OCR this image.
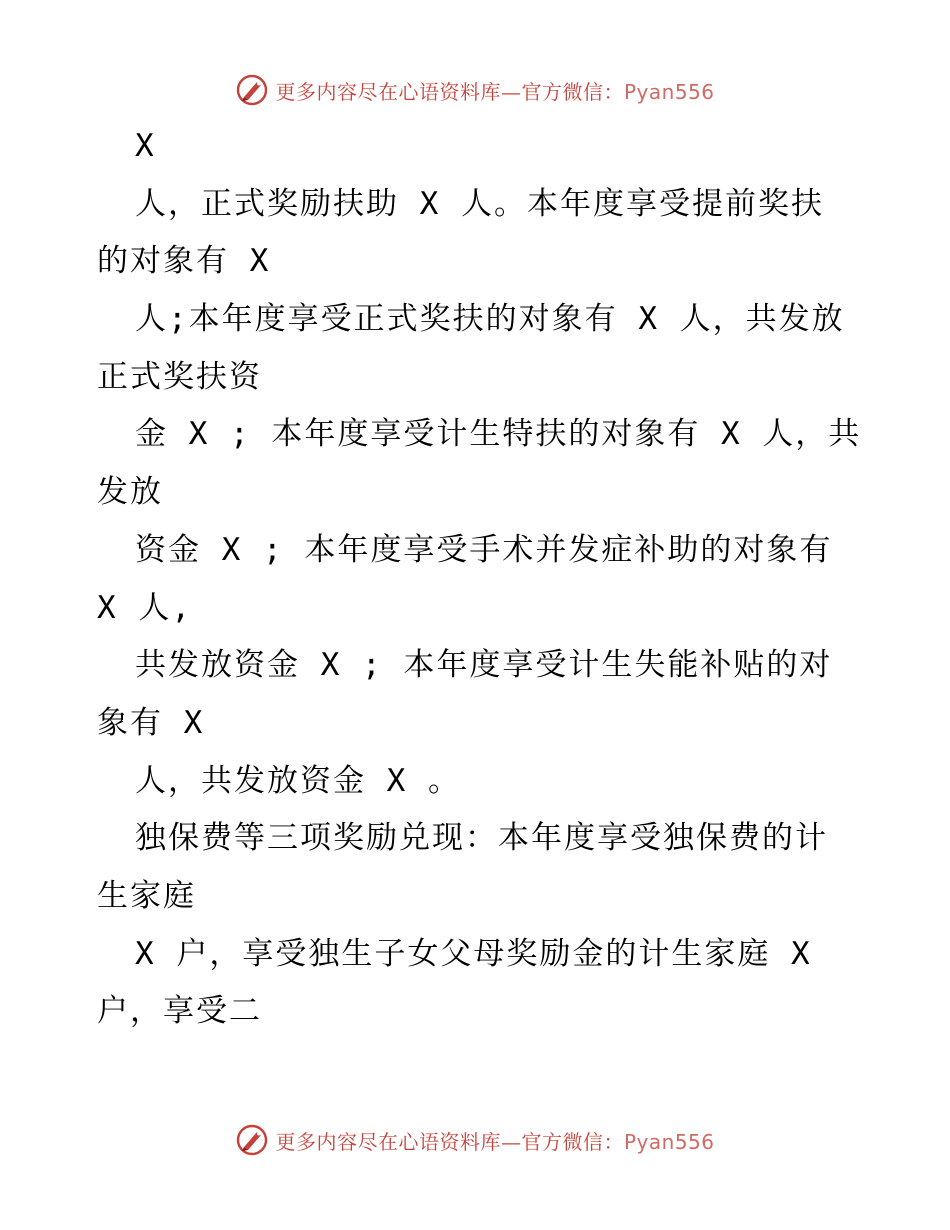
更多内容尽在心语资料库—官方微信：Pyan556
X
人，正式奖励扶助 X 人。本年度享受提前奖扶
的对象有 X
人;本年度享受正式奖扶的对象有 X 人，共发放
正式奖扶资
金 X ; 本年度享受计生特扶的对象有 X 人，共
发放
资金 X ; 本年度享受手术并发症补助的对象有
X 人,
共发放资金 X ; 本年度享受计生失能补贴的对
象有 X
人，共发放资金 X 。
独保费等三项奖励兑现：本年度享受独保费的计
生家庭
X 户，享受独生子女父母奖励金的计生家庭 X
户，享受二
更多内容尽在心语资料库—官方微信：Pyan556
